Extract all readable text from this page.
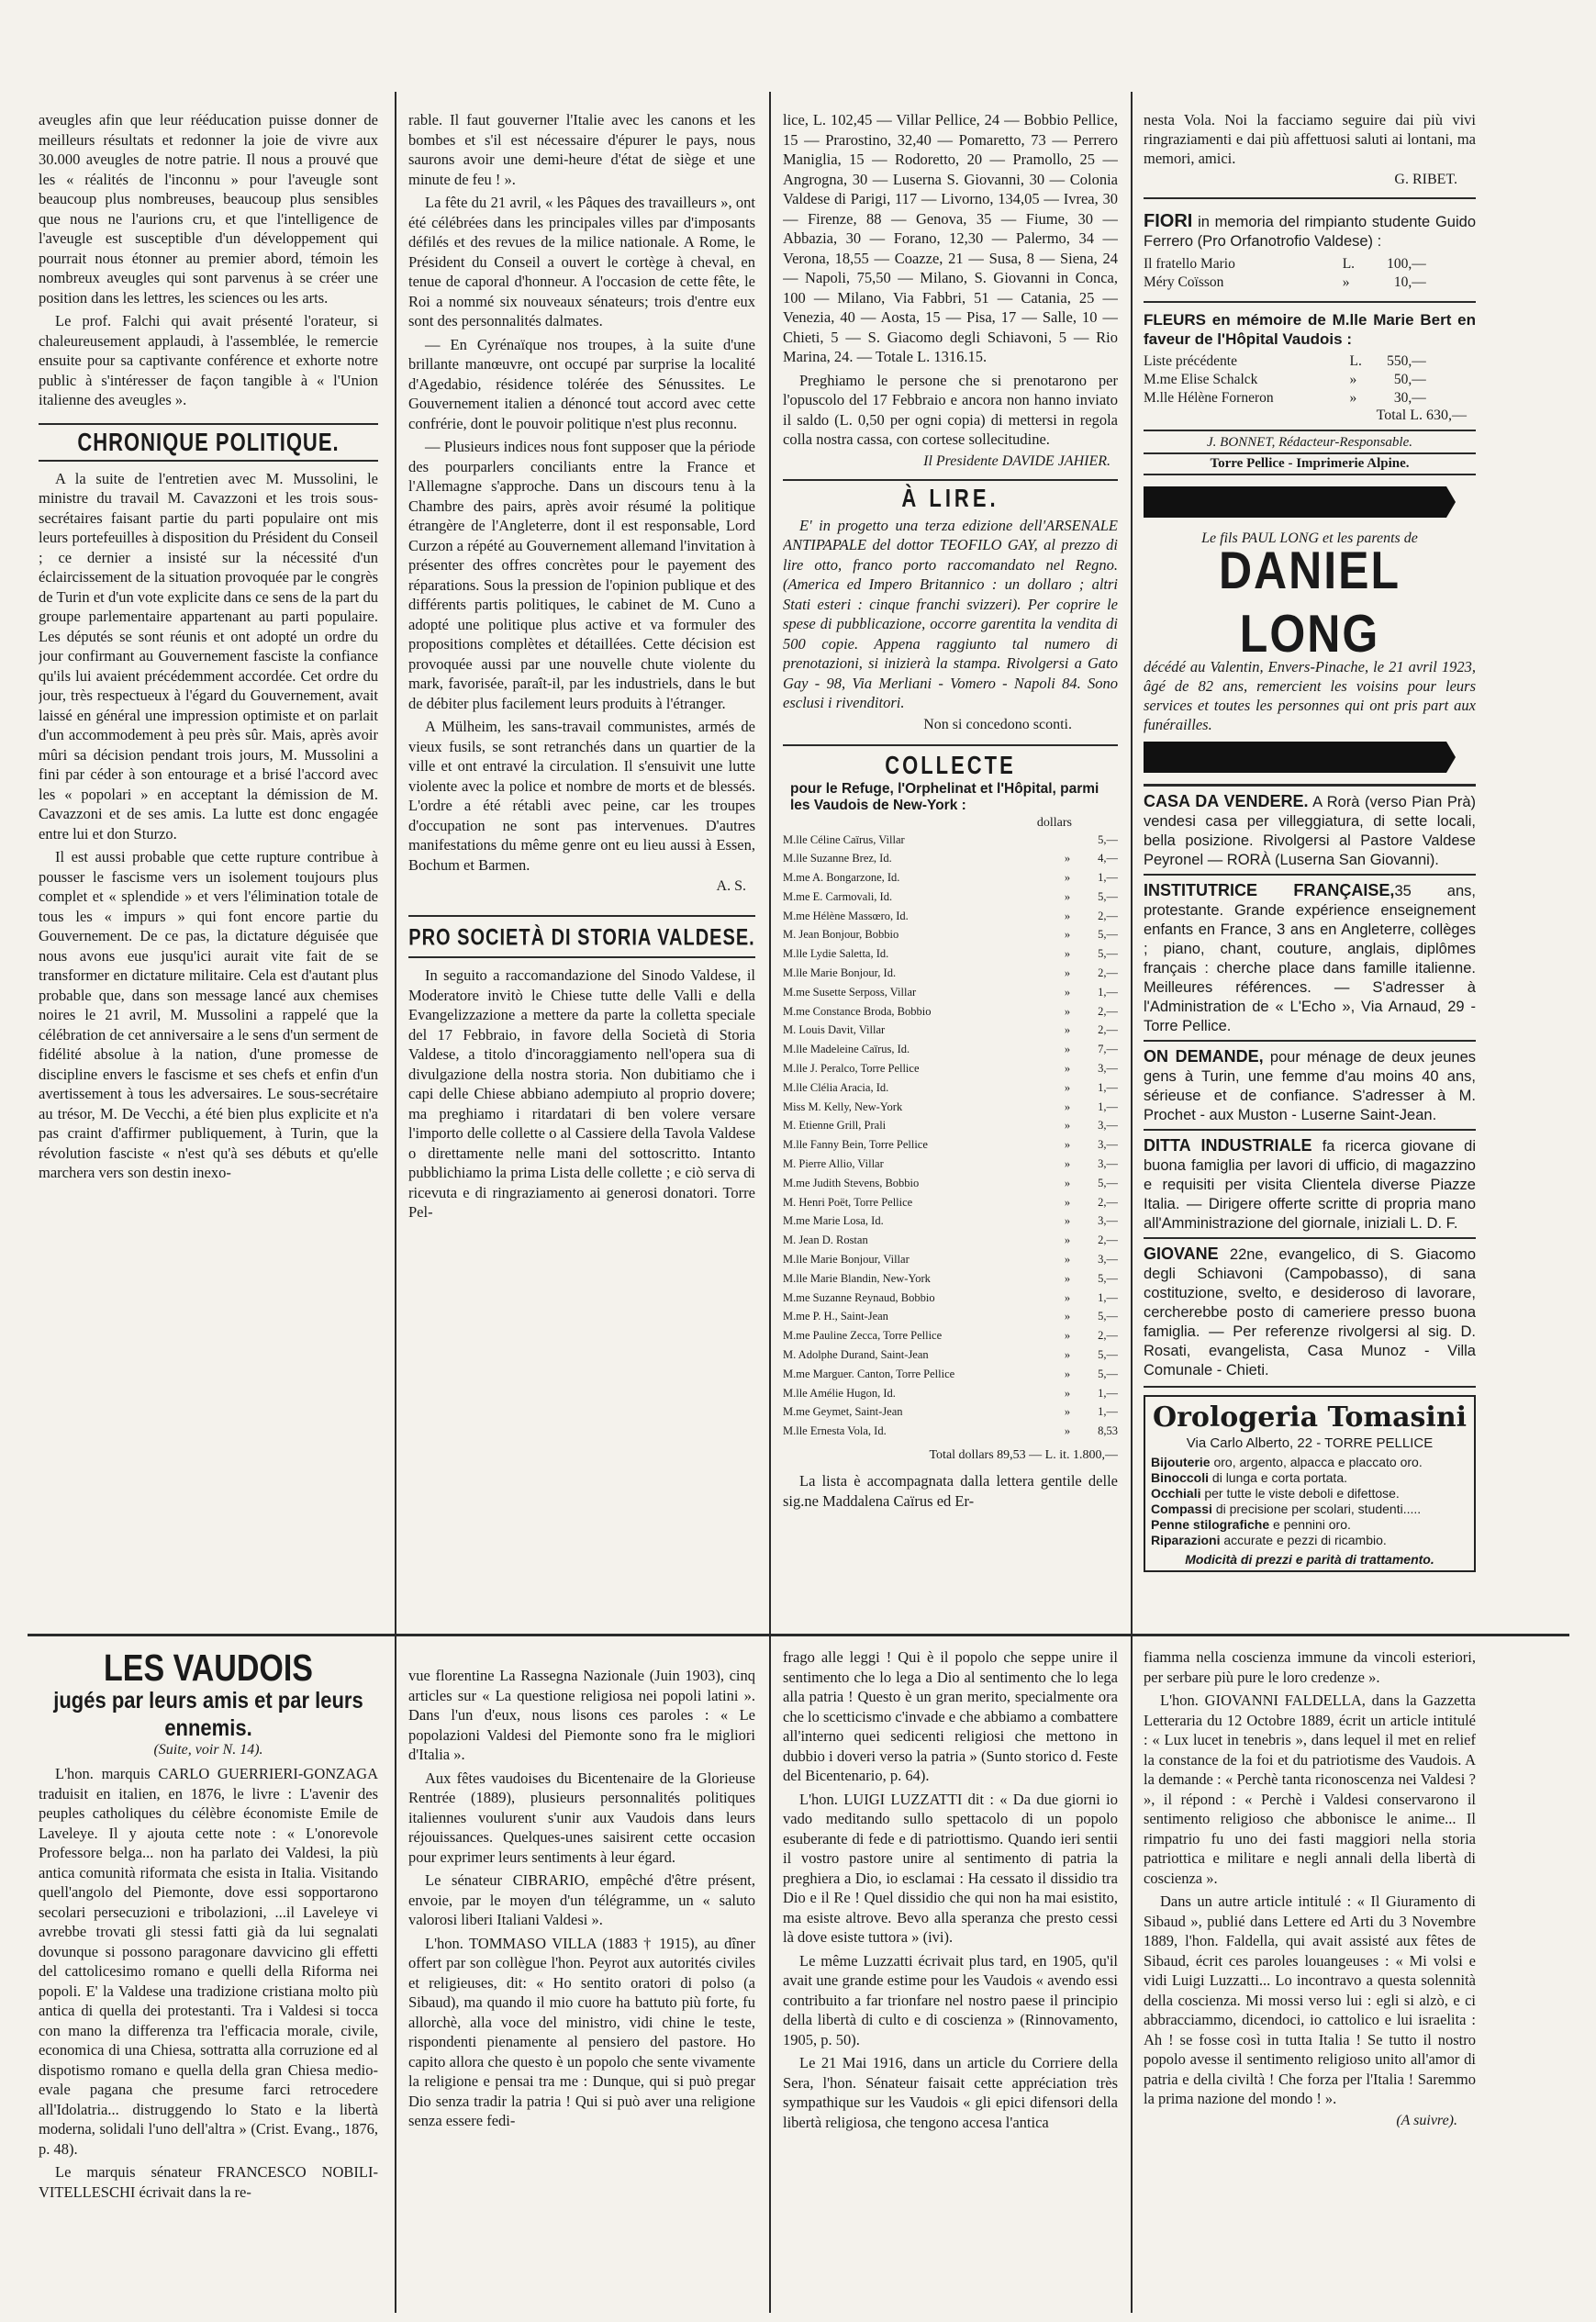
aveugles afin que leur rééducation puisse donner de meilleurs résultats et redonner la joie de vivre aux 30.000 aveugles de notre patrie. Il nous a prouvé que les « réalités de l'inconnu » pour l'aveugle sont beaucoup plus nombreuses, beaucoup plus sensibles que nous ne l'aurions cru, et que l'intelligence de l'aveugle est susceptible d'un développement qui pourrait nous étonner au premier abord, témoin les nombreux aveugles qui sont parvenus à se créer une position dans les lettres, les sciences ou les arts.

Le prof. Falchi qui avait présenté l'orateur, si chaleureusement applaudi, à l'assemblée, le remercie ensuite pour sa captivante conférence et exhorte notre public à s'intéresser de façon tangible à « l'Union italienne des aveugles ».

CHRONIQUE POLITIQUE.

A la suite de l'entretien avec M. Mussolini, le ministre du travail M. Cavazzoni et les trois sous-secrétaires faisant partie du parti populaire ont mis leurs portefeuilles à disposition du Président du Conseil ; ce dernier a insisté sur la nécessité d'un éclaircissement de la situation provoquée par le congrès de Turin et d'un vote explicite dans ce sens de la part du groupe parlementaire appartenant au parti populaire. Les députés se sont réunis et ont adopté un ordre du jour confirmant au Gouvernement fasciste la confiance qu'ils lui avaient précédemment accordée. Cet ordre du jour, très respectueux à l'égard du Gouvernement, avait laissé en général une impression optimiste et on parlait d'un accommodement à peu près sûr. Mais, après avoir mûri sa décision pendant trois jours, M. Mussolini a fini par céder à son entourage et a brisé l'accord avec les « popolari » en acceptant la démission de M. Cavazzoni et de ses amis. La lutte est donc engagée entre lui et don Sturzo.

Il est aussi probable que cette rupture contribue à pousser le fascisme vers un isolement toujours plus complet et « splendide » et vers l'élimination totale de tous les « impurs » qui font encore partie du Gouvernement. De ce pas, la dictature déguisée que nous avons eue jusqu'ici aurait vite fait de se transformer en dictature militaire. Cela est d'autant plus probable que, dans son message lancé aux chemises noires le 21 avril, M. Mussolini a rappelé que la célébration de cet anniversaire a le sens d'un serment de fidélité absolue à la nation, d'une promesse de discipline envers le fascisme et ses chefs et enfin d'un avertissement à tous les adversaires. Le sous-secrétaire au trésor, M. De Vecchi, a été bien plus explicite et n'a pas craint d'affirmer publiquement, à Turin, que la révolution fasciste « n'est qu'à ses débuts et qu'elle marchera vers son destin inexo-

LES VAUDOIS
jugés par leurs amis et par leurs ennemis.
(Suite, voir N. 14).

L'hon. marquis CARLO GUERRIERI-GONZAGA traduisit en italien, en 1876, le livre : L'avenir des peuples catholiques du célèbre économiste Emile de Laveleye. Il y ajouta cette note : « L'onorevole Professore belga... non ha parlato dei Valdesi, la più antica comunità riformata che esista in Italia. Visitando quell'angolo del Piemonte, dove essi sopportarono secolari persecuzioni e tribolazioni, ...il Laveleye vi avrebbe trovati gli stessi fatti già da lui segnalati dovunque si possono paragonare davvicino gli effetti del cattolicesimo romano e quelli della Riforma nei popoli. E' la Valdese una tradizione cristiana molto più antica di quella dei protestanti. Tra i Valdesi si tocca con mano la differenza tra l'efficacia morale, civile, economica di una Chiesa, sottratta alla corruzione ed al dispotismo romano e quella della gran Chiesa medio-evale pagana che presume farci retrocedere all'Idolatria... distruggendo lo Stato e la libertà moderna, solidali l'uno dell'altra » (Crist. Evang., 1876, p. 48).

Le marquis sénateur FRANCESCO NOBILI-VITELLESCHI écrivait dans la re-

rable. Il faut gouverner l'Italie avec les canons et les bombes et s'il est nécessaire d'épurer le pays, nous saurons avoir une demi-heure d'état de siège et une minute de feu ! ».

La fête du 21 avril, « les Pâques des travailleurs », ont été célébrées dans les principales villes par d'imposants défilés et des revues de la milice nationale. A Rome, le Président du Conseil a ouvert le cortège à cheval, en tenue de caporal d'honneur. A l'occasion de cette fête, le Roi a nommé six nouveaux sénateurs; trois d'entre eux sont des personnalités dalmates.

— En Cyrénaïque nos troupes, à la suite d'une brillante manœuvre, ont occupé par surprise la localité d'Agedabio, résidence tolérée des Sénussites. Le Gouvernement italien a dénoncé tout accord avec cette confrérie, dont le pouvoir politique n'est plus reconnu.

— Plusieurs indices nous font supposer que la période des pourparlers conciliants entre la France et l'Allemagne s'approche. Dans un discours tenu à la Chambre des pairs, après avoir résumé la politique étrangère de l'Angleterre, dont il est responsable, Lord Curzon a répété au Gouvernement allemand l'invitation à présenter des offres concrètes pour le payement des réparations. Sous la pression de l'opinion publique et des différents partis politiques, le cabinet de M. Cuno a adopté une politique plus active et va formuler des propositions complètes et détaillées. Cette décision est provoquée aussi par une nouvelle chute violente du mark, favorisée, paraît-il, par les industriels, dans le but de débiter plus facilement leurs produits à l'étranger.

A Mülheim, les sans-travail communistes, armés de vieux fusils, se sont retranchés dans un quartier de la ville et ont entravé la circulation. Il s'ensuivit une lutte violente avec la police et nombre de morts et de blessés. L'ordre a été rétabli avec peine, car les troupes d'occupation ne sont pas intervenues. D'autres manifestations du même genre ont eu lieu aussi à Essen, Bochum et Barmen.

A. S.
PRO SOCIETÀ DI STORIA VALDESE.

In seguito a raccomandazione del Sinodo Valdese, il Moderatore invitò le Chiese tutte delle Valli e della Evangelizzazione a mettere da parte la colletta speciale del 17 Febbraio, in favore della Società di Storia Valdese, a titolo d'incoraggiamento nell'opera sua di divulgazione della nostra storia. Non dubitiamo che i capi delle Chiese abbiano adempiuto al proprio dovere; ma preghiamo i ritardatari di ben volere versare l'importo delle collette o al Cassiere della Tavola Valdese o direttamente nelle mani del sottoscritto. Intanto pubblichiamo la prima Lista delle collette ; e ciò serva di ricevuta e di ringraziamento ai generosi donatori. Torre Pel-

vue florentine La Rassegna Nazionale (Juin 1903), cinq articles sur « La questione religiosa nei popoli latini ». Dans l'un d'eux, nous lisons ces paroles : « Le popolazioni Valdesi del Piemonte sono fra le migliori d'Italia ».

Aux fêtes vaudoises du Bicentenaire de la Glorieuse Rentrée (1889), plusieurs personnalités politiques italiennes voulurent s'unir aux Vaudois dans leurs réjouissances. Quelques-unes saisirent cette occasion pour exprimer leurs sentiments à leur égard.

Le sénateur CIBRARIO, empêché d'être présent, envoie, par le moyen d'un télégramme, un « saluto valorosi liberi Italiani Valdesi ».

L'hon. TOMMASO VILLA (1883 † 1915), au dîner offert par son collègue l'hon. Peyrot aux autorités civiles et religieuses, dit: « Ho sentito oratori di polso (a Sibaud), ma quando il mio cuore ha battuto più forte, fu allorchè, alla voce del ministro, vidi chine le teste, rispondenti pienamente al pensiero del pastore. Ho capito allora che questo è un popolo che sente vivamente la religione e pensai tra me : Dunque, qui si può pregar Dio senza tradir la patria ! Qui si può aver una religione senza essere fedi-

lice, L. 102,45 — Villar Pellice, 24 — Bobbio Pellice, 15 — Prarostino, 32,40 — Pomaretto, 73 — Perrero Maniglia, 15 — Rodoretto, 20 — Pramollo, 25 — Angrogna, 30 — Luserna S. Giovanni, 30 — Colonia Valdese di Parigi, 117 — Livorno, 134,05 — Ivrea, 30 — Firenze, 88 — Genova, 35 — Fiume, 30 — Abbazia, 30 — Forano, 12,30 — Palermo, 34 — Verona, 18,55 — Coazze, 21 — Susa, 8 — Siena, 24 — Napoli, 75,50 — Milano, S. Giovanni in Conca, 100 — Milano, Via Fabbri, 51 — Catania, 25 — Venezia, 40 — Aosta, 15 — Pisa, 17 — Salle, 10 — Chieti, 5 — S. Giacomo degli Schiavoni, 5 — Rio Marina, 24. — Totale L. 1316.15.

Preghiamo le persone che si prenotarono per l'opuscolo del 17 Febbraio e ancora non hanno inviato il saldo (L. 0,50 per ogni copia) di mettersi in regola colla nostra cassa, con cortese sollecitudine.

Il Presidente DAVIDE JAHIER.
À LIRE.

E' in progetto una terza edizione dell'ARSENALE ANTIPAPALE del dottor TEOFILO GAY, al prezzo di lire otto, franco porto raccomandato nel Regno. (America ed Impero Britannico : un dollaro ; altri Stati esteri : cinque franchi svizzeri). Per coprire le spese di pubblicazione, occorre garentita la vendita di 500 copie. Appena raggiunto tal numero di prenotazioni, si inizierà la stampa. Rivolgersi a Gato Gay - 98, Via Merliani - Vomero - Napoli 84. Sono esclusi i rivenditori.

Non si concedono sconti.
COLLECTE
pour le Refuge, l'Orphelinat et l'Hôpital, parmi les Vaudois de New-York :
dollars
M.lle Céline Caïrus, Villar		5,—
M.lle Suzanne Brez, Id.	»	4,—
M.me A. Bongarzone, Id.	»	1,—
M.me E. Carmovali, Id.	»	5,—
M.me Hélène Massœro, Id.	»	2,—
M. Jean Bonjour, Bobbio	»	5,—
M.lle Lydie Saletta, Id.	»	5,—
M.lle Marie Bonjour, Id.	»	2,—
M.me Susette Serposs, Villar	»	1,—
M.me Constance Broda, Bobbio	»	2,—
M. Louis Davit, Villar	»	2,—
M.lle Madeleine Caïrus, Id.	»	7,—
M.lle J. Peralco, Torre Pellice	»	3,—
M.lle Clélia Aracia, Id.	»	1,—
Miss M. Kelly, New-York	»	1,—
M. Etienne Grill, Prali	»	3,—
M.lle Fanny Bein, Torre Pellice	»	3,—
M. Pierre Allio, Villar	»	3,—
M.me Judith Stevens, Bobbio	»	5,—
M. Henri Poët, Torre Pellice	»	2,—
M.me Marie Losa, Id.	»	3,—
M. Jean D. Rostan	»	2,—
M.lle Marie Bonjour, Villar	»	3,—
M.lle Marie Blandin, New-York	»	5,—
M.me Suzanne Reynaud, Bobbio	»	1,—
M.me P. H., Saint-Jean	»	5,—
M.me Pauline Zecca, Torre Pellice	»	2,—
M. Adolphe Durand, Saint-Jean	»	5,—
M.me Marguer. Canton, Torre Pellice	»	5,—
M.lle Amélie Hugon, Id.	»	1,—
M.me Geymet, Saint-Jean	»	1,—
M.lle Ernesta Vola, Id.	»	8,53
Total dollars 89,53 — L. it. 1.800,—

La lista è accompagnata dalla lettera gentile delle sig.ne Maddalena Caïrus ed Er-

frago alle leggi ! Qui è il popolo che seppe unire il sentimento che lo lega a Dio al sentimento che lo lega alla patria ! Questo è un gran merito, specialmente ora che lo scetticismo c'invade e che abbiamo a combattere all'interno quei sedicenti religiosi che mettono in dubbio i doveri verso la patria » (Sunto storico d. Feste del Bicentenario, p. 64).

L'hon. LUIGI LUZZATTI dit : « Da due giorni io vado meditando sullo spettacolo di un popolo esuberante di fede e di patriottismo. Quando ieri sentii il vostro pastore unire al sentimento di patria la preghiera a Dio, io esclamai : Ha cessato il dissidio tra Dio e il Re ! Quel dissidio che qui non ha mai esistito, ma esiste altrove. Bevo alla speranza che presto cessi là dove esiste tuttora » (ivi).

Le même Luzzatti écrivait plus tard, en 1905, qu'il avait une grande estime pour les Vaudois « avendo essi contribuito a far trionfare nel nostro paese il principio della libertà di culto e di coscienza » (Rinnovamento, 1905, p. 50).

Le 21 Mai 1916, dans un article du Corriere della Sera, l'hon. Sénateur faisait cette appréciation très sympathique sur les Vaudois « gli epici difensori della libertà religiosa, che tengono accesa l'antica

nesta Vola. Noi la facciamo seguire dai più vivi ringraziamenti e dai più affettuosi saluti ai lontani, ma memori, amici.

G. RIBET.

FIORI in memoria del rimpianto studente Guido Ferrero (Pro Orfanotrofio Valdese) :

Il fratello Mario	L.	100,—
Méry Coïsson	»	10,—

FLEURS en mémoire de M.lle Marie Bert en faveur de l'Hôpital Vaudois :

Liste précédente	L.	550,—
M.me Elise Schalck	»	50,—
M.lle Hélène Forneron	»	30,—
Total L. 630,—
J. BONNET, Rédacteur-Responsable.
Torre Pellice - Imprimerie Alpine.
Le fils PAUL LONG et les parents de
DANIEL LONG

décédé au Valentin, Envers-Pinache, le 21 avril 1923, âgé de 82 ans, remercient les voisins pour leurs services et toutes les personnes qui ont pris part aux funérailles.

CASA DA VENDERE. A Rorà (verso Pian Prà) vendesi casa per villeggiatura, di sette locali, bella posizione. Rivolgersi al Pastore Valdese Peyronel — RORÀ (Luserna San Giovanni).

INSTITUTRICE FRANÇAISE,35 ans, protestante. Grande expérience enseignement enfants en France, 3 ans en Angleterre, collèges ; piano, chant, couture, anglais, diplômes français : cherche place dans famille italienne. Meilleures références. — S'adresser à l'Administration de « L'Echo », Via Arnaud, 29 - Torre Pellice.

ON DEMANDE, pour ménage de deux jeunes gens à Turin, une femme d'au moins 40 ans, sérieuse et de confiance. S'adresser à M. Prochet - aux Muston - Luserne Saint-Jean.

DITTA INDUSTRIALE fa ricerca giovane di buona famiglia per lavori di ufficio, di magazzino e requisiti per visita Clientela diverse Piazze Italia. — Dirigere offerte scritte di propria mano all'Amministrazione del giornale, iniziali L. D. F.

GIOVANE 22ne, evangelico, di S. Giacomo degli Schiavoni (Campobasso), di sana costituzione, svelto, e desideroso di lavorare, cercherebbe posto di cameriere presso buona famiglia. — Per referenze rivolgersi al sig. D. Rosati, evangelista, Casa Munoz - Villa Comunale - Chieti.

Orologeria Tomasini
Via Carlo Alberto, 22 - TORRE PELLICE
Bijouterie oro, argento, alpacca e placcato oro.
Binoccoli di lunga e corta portata.
Occhiali per tutte le viste deboli e difettose.
Compassi di precisione per scolari, studenti.....
Penne stilografiche e pennini oro.
Riparazioni accurate e pezzi di ricambio.
Modicità di prezzi e parità di trattamento.

fiamma nella coscienza immune da vincoli esteriori, per serbare più pure le loro credenze ».

L'hon. GIOVANNI FALDELLA, dans la Gazzetta Letteraria du 12 Octobre 1889, écrit un article intitulé : « Lux lucet in tenebris », dans lequel il met en relief la constance de la foi et du patriotisme des Vaudois. A la demande : « Perchè tanta riconoscenza nei Valdesi ? », il répond : « Perchè i Valdesi conservarono il sentimento religioso che abbonisce le anime... Il rimpatrio fu uno dei fasti maggiori nella storia patriottica e militare e negli annali della libertà di coscienza ».

Dans un autre article intitulé : « Il Giuramento di Sibaud », publié dans Lettere ed Arti du 3 Novembre 1889, l'hon. Faldella, qui avait assisté aux fêtes de Sibaud, écrit ces paroles louangeuses : « Mi volsi e vidi Luigi Luzzatti... Lo incontravo a questa solennità della coscienza. Mi mossi verso lui : egli si alzò, e ci abbracciammo, dicendoci, io cattolico e lui israelita : Ah ! se fosse così in tutta Italia ! Se tutto il nostro popolo avesse il sentimento religioso unito all'amor di patria e della civiltà ! Che forza per l'Italia ! Saremmo la prima nazione del mondo ! ».

(A suivre).
